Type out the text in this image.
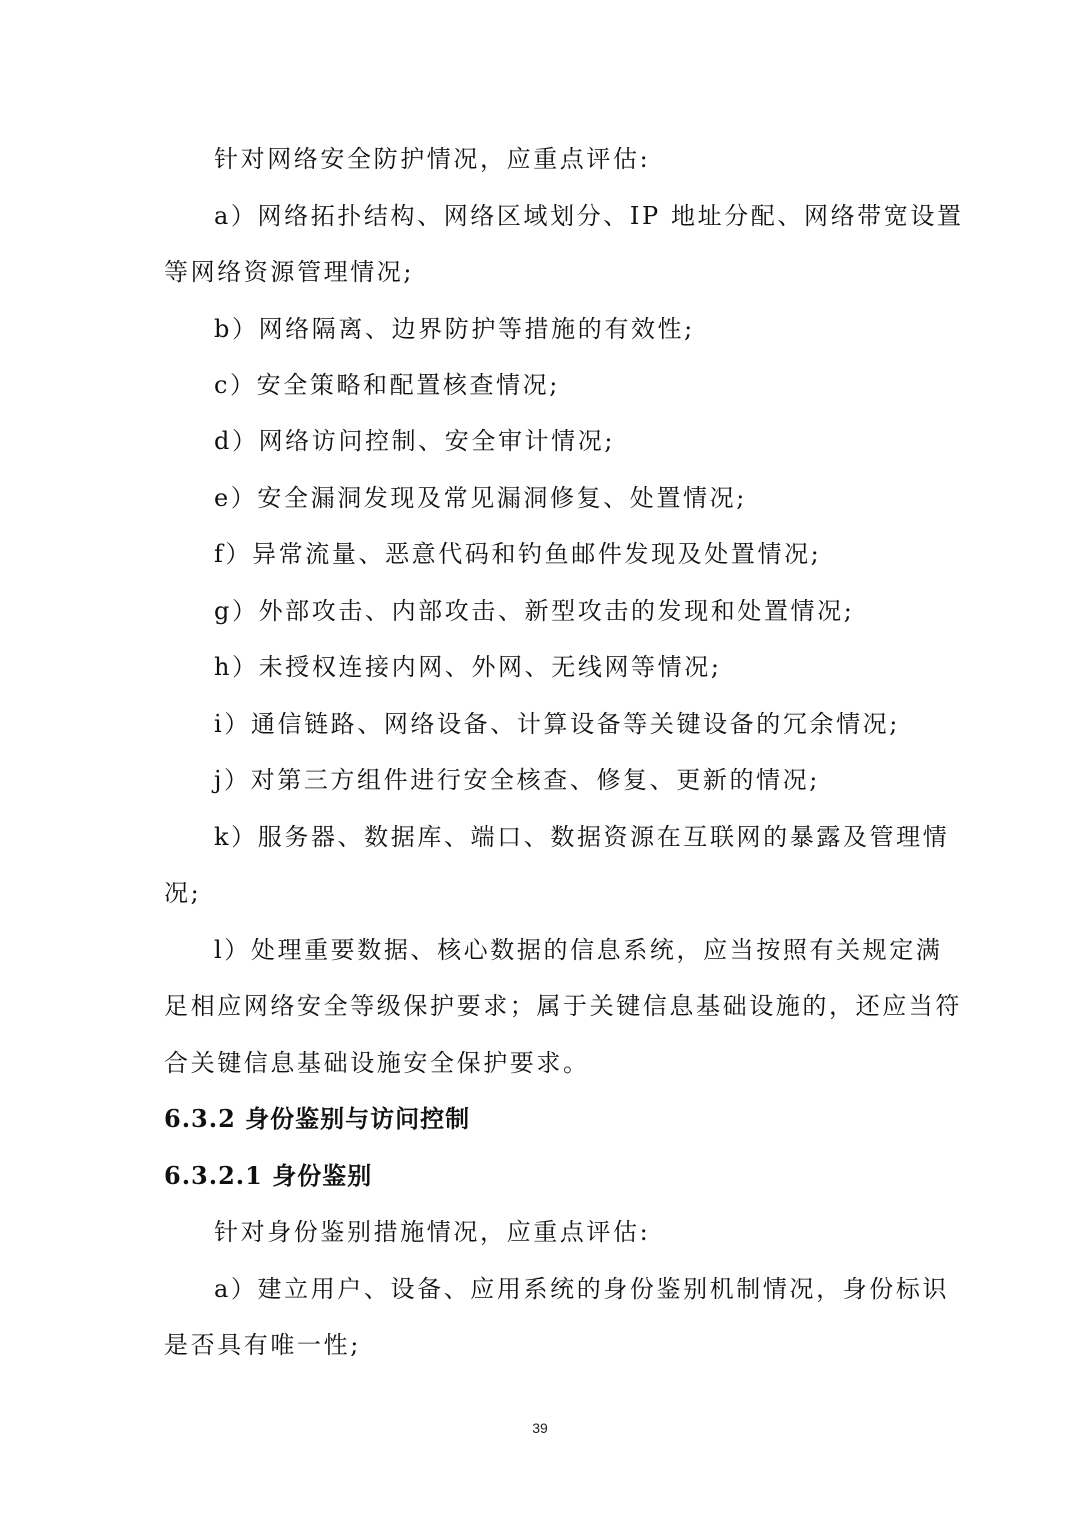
针对网络安全防护情况，应重点评估:
a）网络拓扑结构、网络区域划分、IP 地址分配、网络带宽设置
等网络资源管理情况;
b）网络隔离、边界防护等措施的有效性;
c）安全策略和配置核查情况;
d）网络访问控制、安全审计情况;
e）安全漏洞发现及常见漏洞修复、处置情况;
f）异常流量、恶意代码和钓鱼邮件发现及处置情况;
g）外部攻击、内部攻击、新型攻击的发现和处置情况;
h）未授权连接内网、外网、无线网等情况;
i）通信链路、网络设备、计算设备等关键设备的冗余情况;
j）对第三方组件进行安全核查、修复、更新的情况;
k）服务器、数据库、端口、数据资源在互联网的暴露及管理情
况;
l）处理重要数据、核心数据的信息系统，应当按照有关规定满
足相应网络安全等级保护要求；属于关键信息基础设施的，还应当符
合关键信息基础设施安全保护要求。
6.3.2 身份鉴别与访问控制
6.3.2.1 身份鉴别
针对身份鉴别措施情况，应重点评估:
a）建立用户、设备、应用系统的身份鉴别机制情况，身份标识
是否具有唯一性;
39
